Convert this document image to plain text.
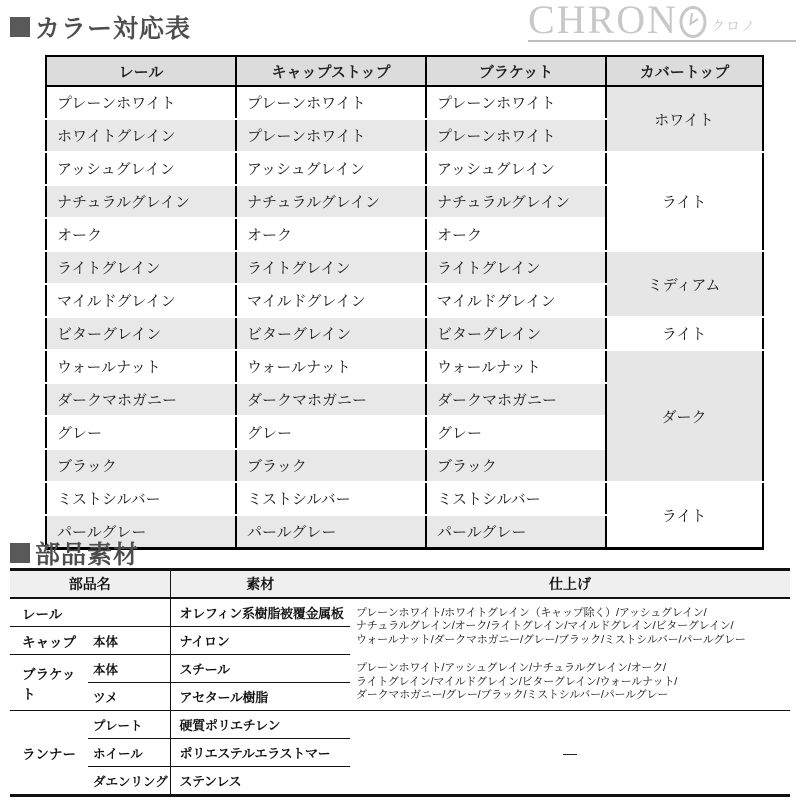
カラー対応表	CHRON クロノ
レール	キャップストップ	ブラケット	カバートップ
プレーンホワイト	プレーンホワイト	プレーンホワイト	ホワイト
ホワイトグレイン	プレーンホワイト	プレーンホワイト	
アッシュグレイン	アッシュグレイン	アッシュグレイン	ライト
ナチュラルグレイン	ナチュラルグレイン	ナチュラルグレイン	
オーク	オーク	オーク	
ライトグレイン	ライトグレイン	ライトグレイン	ミディアム
マイルドグレイン	マイルドグレイン	マイルドグレイン	
ビターグレイン	ビターグレイン	ビターグレイン	ライト
ウォールナット	ウォールナット	ウォールナット	ダーク
ダークマホガニー	ダークマホガニー	ダークマホガニー	
グレー	グレー	グレー	
ブラック	ブラック	ブラック	
ミストシルバー	ミストシルバー	ミストシルバー	ライト
パールグレー	パールグレー	パールグレー	
部品素材
部品名		素材	仕上げ
レール		オレフィン系樹脂被覆金属板	プレーンホワイト/ホワイトグレイン（キャップ除く）/アッシュグレイン/
ナチュラルグレイン/オーク/ライトグレイン/マイルドグレイン/ビターグレイン/
ウォールナット/ダークマホガニー/グレー/ブラック/ミストシルバー/パールグレー

キャップ	本体	ナイロン	
ブラケット	本体	スチール	プレーンホワイト/アッシュグレイン/ナチュラルグレイン/オーク/
ライトグレイン/マイルドグレイン/ビターグレイン/ウォールナット/
ダークマホガニー/グレー/ブラック/ミストシルバー/パールグレー

	ツメ	アセタール樹脂	
ランナー	プレート	硬質ポリエチレン	―
	ホイール	ポリエステルエラストマー	
	ダエンリング	ステンレス	
